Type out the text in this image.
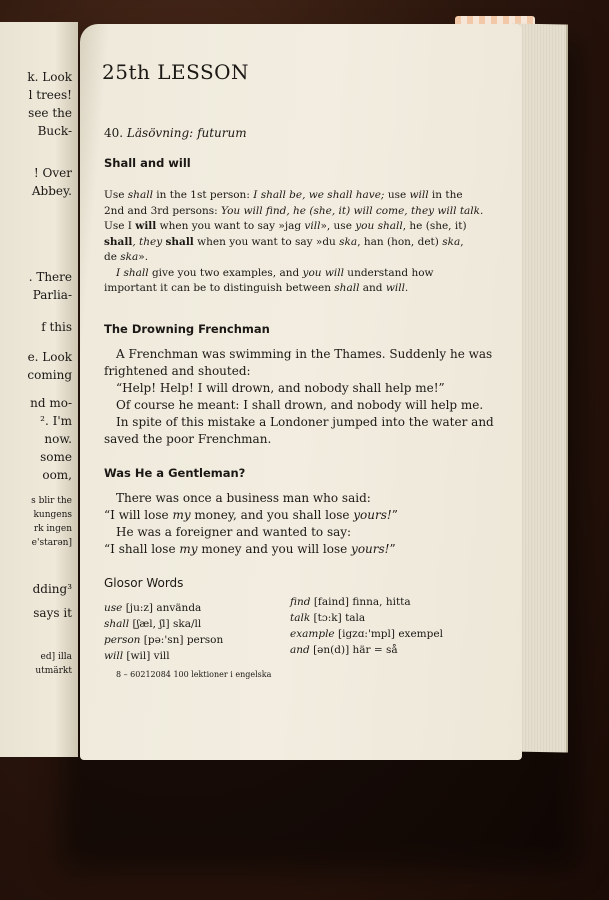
k. Look
l trees!
see the
Buck-
! Over
Abbey.
. There
Parlia-
f this
e. Look
coming
nd mo-
². I'm
now.
some
oom,
s blir the
kungens
rk ingen
e'starən]
dding³
says it
ed] illa
utmärkt
25th LESSON
40. Läsövning: futurum
Shall and will

Use shall in the 1st person: I shall be, we shall have; use will in the
2nd and 3rd persons: You will find, he (she, it) will come, they will talk.
Use I will when you want to say »jag vill», use you shall, he (she, it)
shall, they shall when you want to say »du ska, han (hon, det) ska,
de ska».

I shall give you two examples, and you will understand how
important it can be to distinguish between shall and will.

The Drowning Frenchman

A Frenchman was swimming in the Thames. Suddenly he was

frightened and shouted:

“Help! Help! I will drown, and nobody shall help me!”

Of course he meant: I shall drown, and nobody will help me.

In spite of this mistake a Londoner jumped into the water and

saved the poor Frenchman.

Was He a Gentleman?

There was once a business man who said:

“I will lose my money, and you shall lose yours!”

He was a foreigner and wanted to say:

“I shall lose my money and you will lose yours!”

Glosor Words

use [ju:z] använda

shall [ʃæl, ʃl] ska/ll

person [pə:'sn] person

will [wil] vill

find [faind] finna, hitta

talk [tɔ:k] tala

example [igzɑ:'mpl] exempel

and [ən(d)] här = så

8 – 60212084 100 lektioner i engelska
